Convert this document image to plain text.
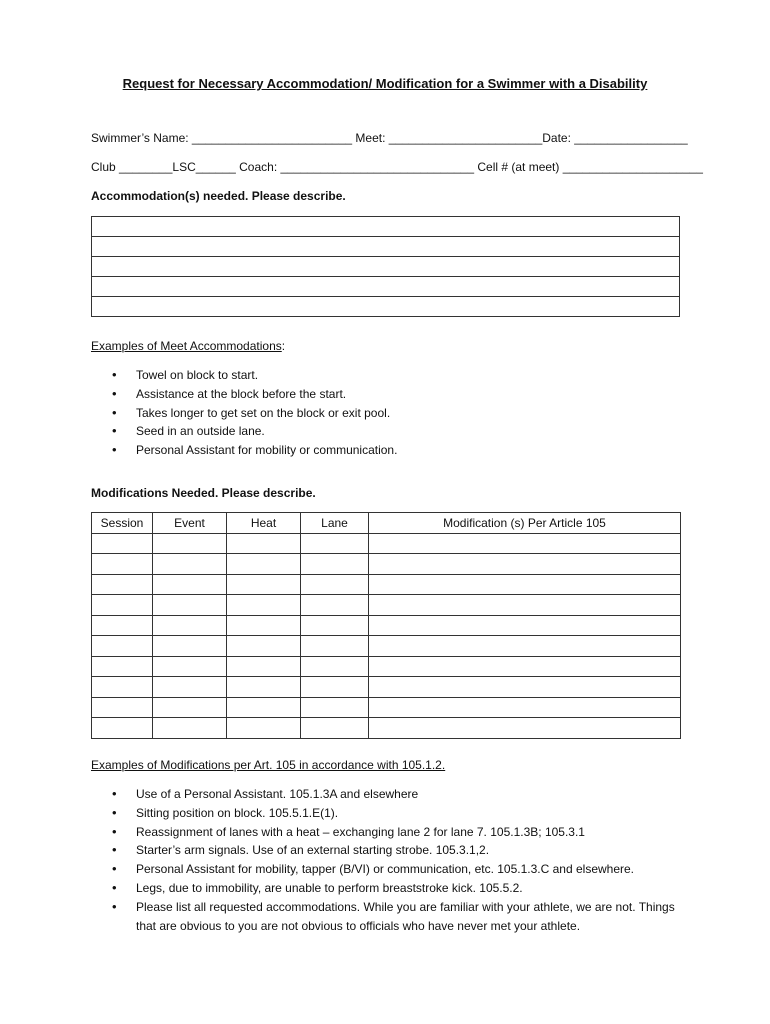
Request for Necessary Accommodation/ Modification for a Swimmer with a Disability
Swimmer’s Name: ________________________ Meet: _______________________Date: _________________
Club ________LSC______ Coach: _____________________________ Cell # (at meet) _____________________
Accommodation(s) needed. Please describe.

Examples of Meet Accommodations:
• Towel on block to start.
• Assistance at the block before the start.
• Takes longer to get set on the block or exit pool.
• Seed in an outside lane.
• Personal Assistant for mobility or communication.
Modifications Needed. Please describe.
Session	Event	Heat	Lane	Modification (s) Per Article 105

Examples of Modifications per Art. 105 in accordance with 105.1.2.
• Use of a Personal Assistant. 105.1.3A and elsewhere
• Sitting position on block. 105.5.1.E(1).
• Reassignment of lanes with a heat – exchanging lane 2 for lane 7. 105.1.3B; 105.3.1
• Starter’s arm signals. Use of an external starting strobe. 105.3.1,2.
• Personal Assistant for mobility, tapper (B/VI) or communication, etc. 105.1.3.C and elsewhere.
• Legs, due to immobility, are unable to perform breaststroke kick. 105.5.2.
• Please list all requested accommodations. While you are familiar with your athlete, we are not. Things that are obvious to you are not obvious to officials who have never met your athlete.
